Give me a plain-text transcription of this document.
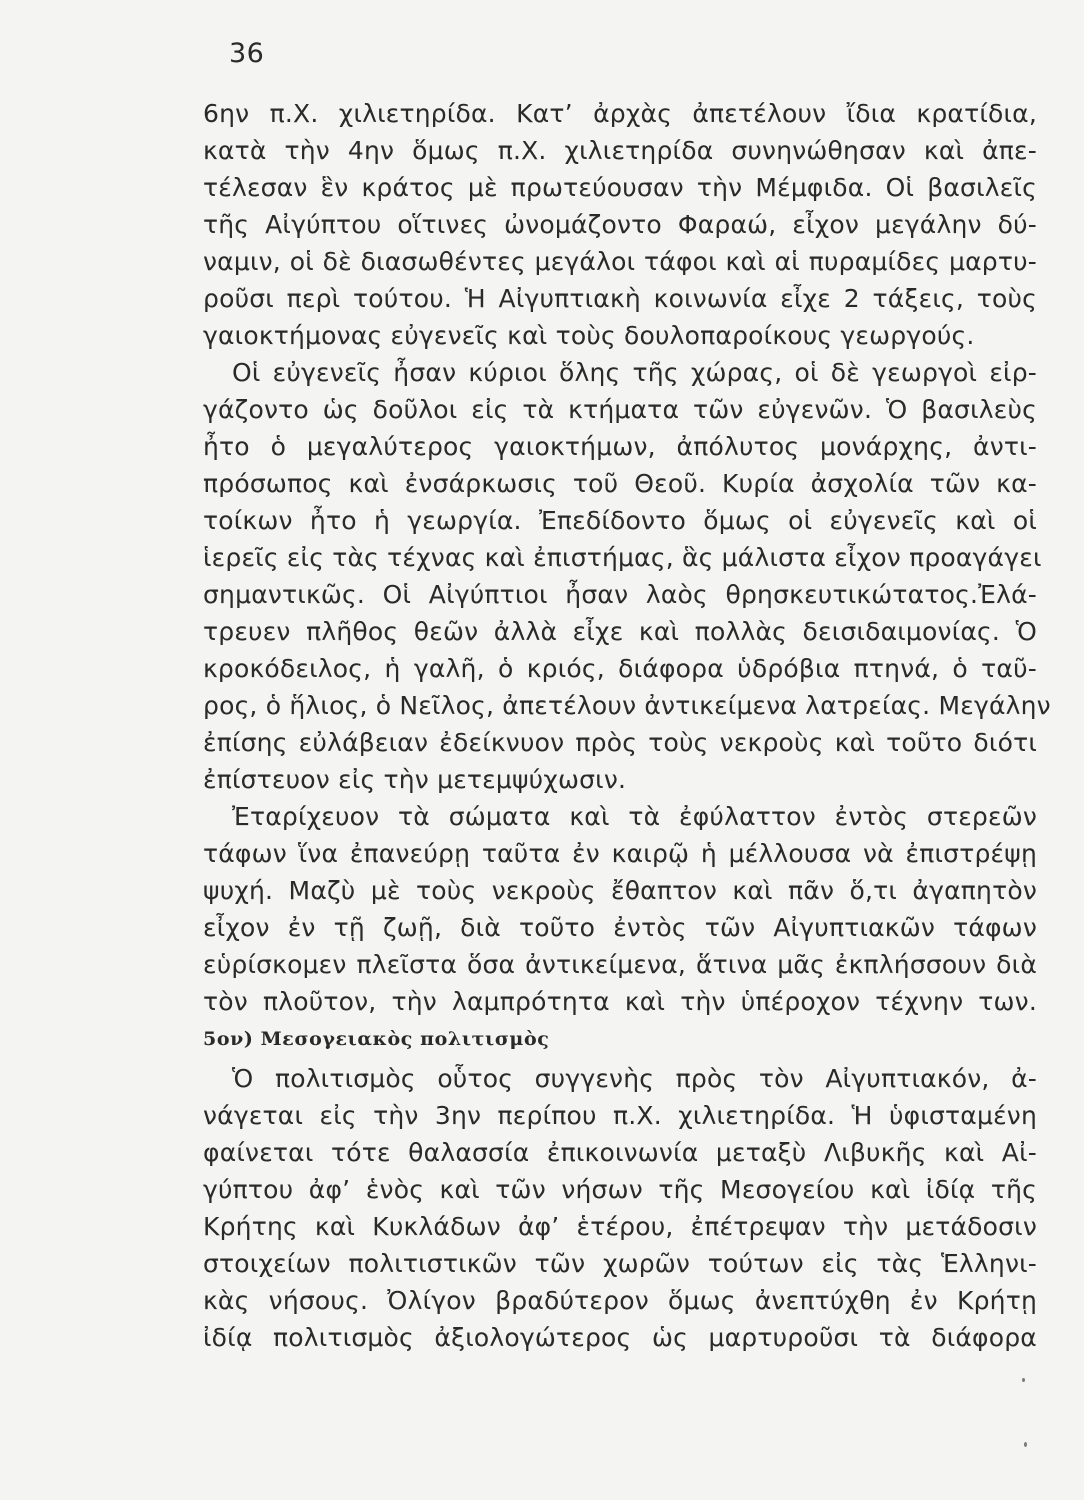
36
6ην π.Χ. χιλιετηρίδα. Κατ’ ἀρχὰς ἀπετέλουν ἴδια κρατίδια,
κατὰ τὴν 4ην ὅμως π.Χ. χιλιετηρίδα συνηνώθησαν καὶ ἀπε-
τέλεσαν ἓν κράτος μὲ πρωτεύουσαν τὴν Μέμφιδα. Οἱ βασιλεῖς
τῆς Αἰγύπτου οἵτινες ὠνομάζοντο Φαραώ, εἶχον μεγάλην δύ-
ναμιν, οἱ δὲ διασωθέντες μεγάλοι τάφοι καὶ αἱ πυραμίδες μαρτυ-
ροῦσι περὶ τούτου. Ἡ Αἰγυπτιακὴ κοινωνία εἶχε 2 τάξεις, τοὺς
γαιοκτήμονας εὐγενεῖς καὶ τοὺς δουλοπαροίκους γεωργούς.
Οἱ εὐγενεῖς ἦσαν κύριοι ὅλης τῆς χώρας, οἱ δὲ γεωργοὶ εἰρ-
γάζοντο ὡς δοῦλοι εἰς τὰ κτήματα τῶν εὐγενῶν. Ὁ βασιλεὺς
ἦτο ὁ μεγαλύτερος γαιοκτήμων, ἀπόλυτος μονάρχης, ἀντι-
πρόσωπος καὶ ἐνσάρκωσις τοῦ Θεοῦ. Κυρία ἀσχολία τῶν κα-
τοίκων ἦτο ἡ γεωργία. Ἐπεδίδοντο ὅμως οἱ εὐγενεῖς καὶ οἱ
ἱερεῖς εἰς τὰς τέχνας καὶ ἐπιστήμας, ἃς μάλιστα εἶχον προαγάγει
σημαντικῶς. Οἱ Αἰγύπτιοι ἦσαν λαὸς θρησκευτικώτατος.Ἐλά-
τρευεν πλῆθος θεῶν ἀλλὰ εἶχε καὶ πολλὰς δεισιδαιμονίας. Ὁ
κροκόδειλος, ἡ γαλῆ, ὁ κριός, διάφορα ὑδρόβια πτηνά, ὁ ταῦ-
ρος, ὁ ἥλιος, ὁ Νεῖλος, ἀπετέλουν ἀντικείμενα λατρείας. Μεγάλην
ἐπίσης εὐλάβειαν ἐδείκνυον πρὸς τοὺς νεκροὺς καὶ τοῦτο διότι
ἐπίστευον εἰς τὴν μετεμψύχωσιν.
Ἐταρίχευον τὰ σώματα καὶ τὰ ἐφύλαττον ἐντὸς στερεῶν
τάφων ἵνα ἐπανεύρῃ ταῦτα ἐν καιρῷ ἡ μέλλουσα νὰ ἐπιστρέψῃ
ψυχή. Μαζὺ μὲ τοὺς νεκροὺς ἔθαπτον καὶ πᾶν ὅ,τι ἀγαπητὸν
εἶχον ἐν τῇ ζωῇ, διὰ τοῦτο ἐντὸς τῶν Αἰγυπτιακῶν τάφων
εὑρίσκομεν πλεῖστα ὅσα ἀντικείμενα, ἅτινα μᾶς ἐκπλήσσουν διὰ
τὸν πλοῦτον, τὴν λαμπρότητα καὶ τὴν ὑπέροχον τέχνην των.
5ον) Μεσογειακὸς πολιτισμὸς
Ὁ πολιτισμὸς οὗτος συγγενὴς πρὸς τὸν Αἰγυπτιακόν, ἀ-
νάγεται εἰς τὴν 3ην περίπου π.Χ. χιλιετηρίδα. Ἡ ὑφισταμένη
φαίνεται τότε θαλασσία ἐπικοινωνία μεταξὺ Λιβυκῆς καὶ Αἰ-
γύπτου ἀφ’ ἑνὸς καὶ τῶν νήσων τῆς Μεσογείου καὶ ἰδίᾳ τῆς
Κρήτης καὶ Κυκλάδων ἀφ’ ἑτέρου, ἐπέτρεψαν τὴν μετάδοσιν
στοιχείων πολιτιστικῶν τῶν χωρῶν τούτων εἰς τὰς Ἑλληνι-
κὰς νήσους. Ὀλίγον βραδύτερον ὅμως ἀνεπτύχθη ἐν Κρήτῃ
ἰδίᾳ πολιτισμὸς ἀξιολογώτερος ὡς μαρτυροῦσι τὰ διάφορα
